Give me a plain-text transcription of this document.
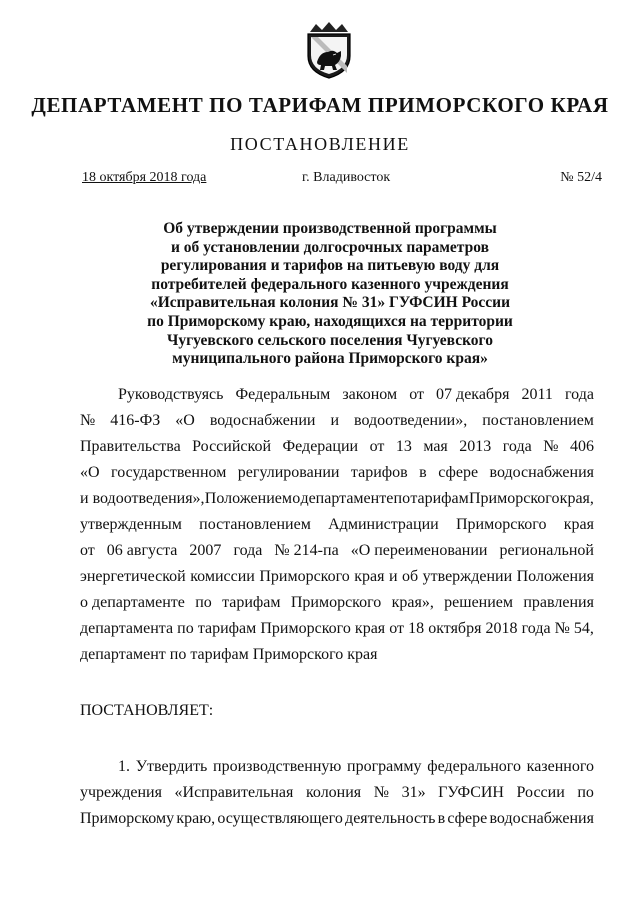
ДЕПАРТАМЕНТ ПО ТАРИФАМ ПРИМОРСКОГО КРАЯ
ПОСТАНОВЛЕНИЕ
18 октября 2018 года	г. Владивосток	№ 52/4
Об утверждении производственной программы
и об установлении долгосрочных параметров
регулирования и тарифов на питьевую воду для
потребителей федерального казенного учреждения
«Исправительная колония № 31» ГУФСИН России
по Приморскому краю, находящихся на территории
Чугуевского сельского поселения Чугуевского
муниципального района Приморского края»
Руководствуясь Федеральным законом от 07 декабря 2011 года
№ 416-ФЗ «О водоснабжении и водоотведении», постановлением
Правительства Российской Федерации от 13 мая 2013 года № 406
«О государственном регулировании тарифов в сфере водоснабжения
и водоотведения», Положением о департаменте по тарифам Приморского края,
утвержденным постановлением Администрации Приморского края
от 06 августа 2007 года № 214-па «О переименовании региональной
энергетической комиссии Приморского края и об утверждении Положения
о департаменте по тарифам Приморского края», решением правления
департамента по тарифам Приморского края от 18 октября 2018 года № 54,
департамент по тарифам Приморского края
ПОСТАНОВЛЯЕТ:
1. Утвердить производственную программу федерального казенного
учреждения «Исправительная колония № 31» ГУФСИН России по
Приморскому краю, осуществляющего деятельность в сфере водоснабжения
